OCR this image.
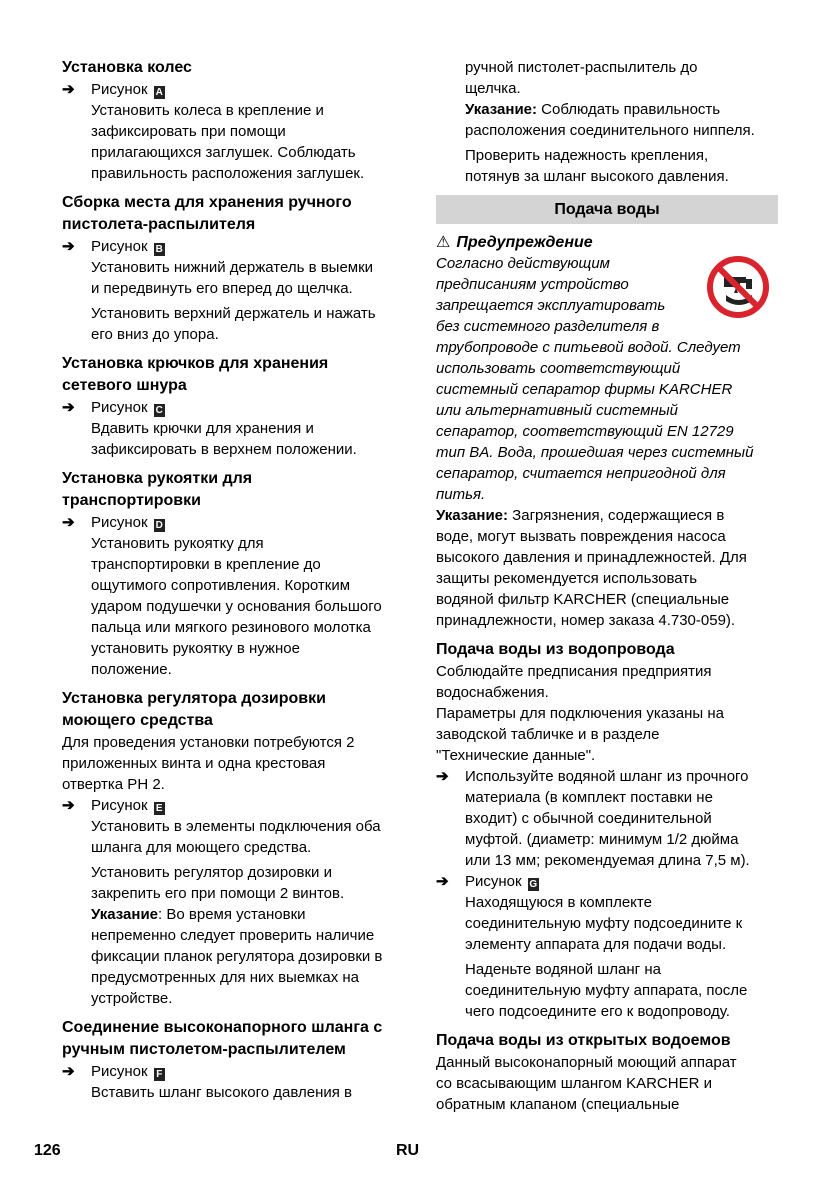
Установка колес
➔	Рисунок A

Установить колеса в крепление и

зафиксировать при помощи

прилагающихся заглушек. Соблюдать

правильность расположения заглушек.

Сборка места для хранения ручного
пистолета-распылителя
➔	Рисунок B

Установить нижний держатель в выемки

и передвинуть его вперед до щелчка.

Установить верхний держатель и нажать

его вниз до упора.

Установка крючков для хранения
сетевого шнура
➔	Рисунок C

Вдавить крючки для хранения и

зафиксировать в верхнем положении.

Установка рукоятки для
транспортировки
➔	Рисунок D

Установить рукоятку для

транспортировки в крепление до

ощутимого сопротивления. Коротким

ударом подушечки у основания большого

пальца или мягкого резинового молотка

установить рукоятку в нужное

положение.

Установка регулятора дозировки
моющего средства

Для проведения установки потребуются 2

приложенных винта и одна крестовая

отвертка PH 2.

➔	Рисунок E

Установить в элементы подключения оба

шланга для моющего средства.

Установить регулятор дозировки и

закрепить его при помощи 2 винтов.

Указание: Во время установки

непременно следует проверить наличие

фиксации планок регулятора дозировки в

предусмотренных для них выемках на

устройстве.

Соединение высоконапорного шланга с
ручным пистолетом-распылителем
➔	Рисунок F

Вставить шланг высокого давления в

ручной пистолет-распылитель до

щелчка.

Указание: Соблюдать правильность

расположения соединительного ниппеля.

Проверить надежность крепления,

потянув за шланг высокого давления.

Подача воды
⚠ Предупреждение

Согласно действующим

предписаниям устройство

запрещается эксплуатировать

без системного разделителя в

трубопроводе с питьевой водой. Следует

использовать соответствующий

системный сепаратор фирмы KARCHER

или альтернативный системный

сепаратор, соответствующий EN 12729

тип BA. Вода, прошедшая через системный

сепаратор, считается непригодной для

питья.

Указание: Загрязнения, содержащиеся в

воде, могут вызвать повреждения насоса

высокого давления и принадлежностей. Для

защиты рекомендуется использовать

водяной фильтр KARCHER (специальные

принадлежности, номер заказа 4.730-059).

Подача воды из водопровода

Соблюдайте предписания предприятия

водоснабжения.

Параметры для подключения указаны на

заводской табличке и в разделе

"Технические данные".

➔	Используйте водяной шланг из прочного

материала (в комплект поставки не

входит) с обычной соединительной

муфтой. (диаметр: минимум 1/2 дюйма

или 13 мм; рекомендуемая длина 7,5 м).

➔	Рисунок G

Находящуюся в комплекте

соединительную муфту подсоедините к

элементу аппарата для подачи воды.

Наденьте водяной шланг на

соединительную муфту аппарата, после

чего подсоедините его к водопроводу.

Подача воды из открытых водоемов

Данный высоконапорный моющий аппарат

со всасывающим шлангом KARCHER и

обратным клапаном (специальные

126	RU
